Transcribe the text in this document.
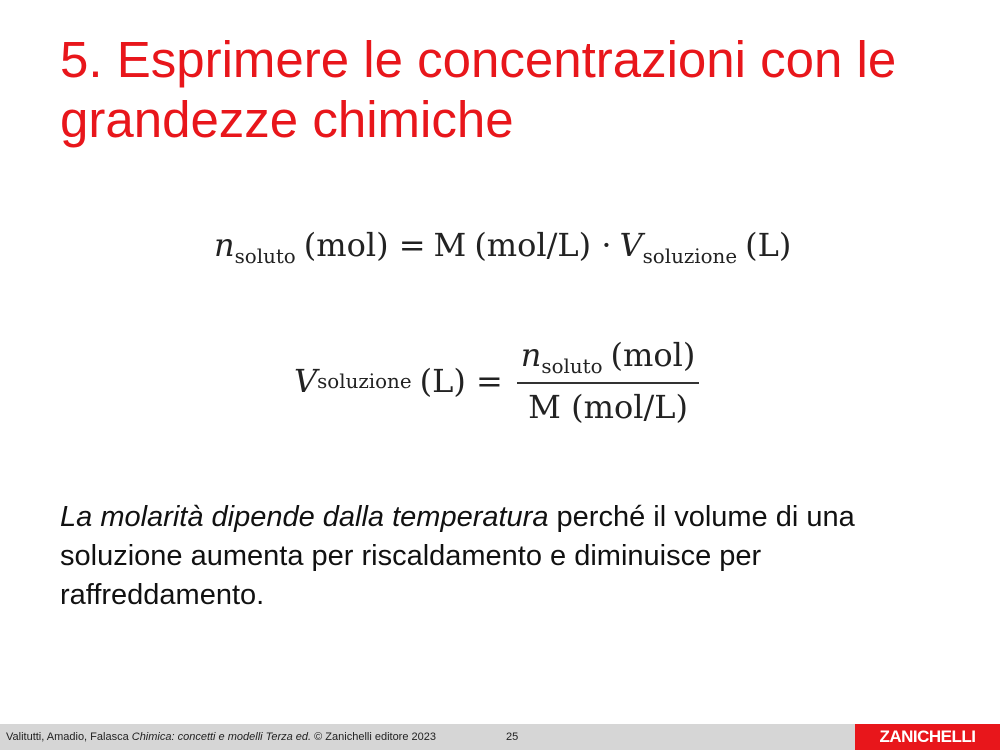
5. Esprimere le concentrazioni con le grandezze chimiche
$n_{soluto}$ (mol) = M $(mol/L) \cdot V_{soluzione}$ (L)
V soluzione $(L) = \frac{n_{soluto} (mol)}{\text{M (mol/L)}}$

La molarità dipende dalla temperatura perché il volume di una soluzione aumenta per riscaldamento e diminuisce per raffreddamento.

Valitutti, Amadio, Falasca Chimica: concetti e modelli Terza ed. © Zanichelli editore 2023	25	ZANICHELLI
